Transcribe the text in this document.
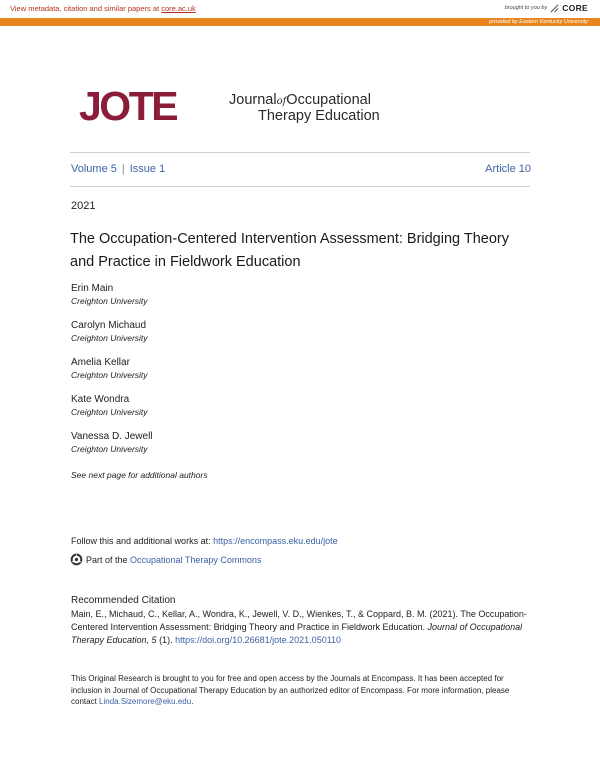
View metadata, citation and similar papers at core.ac.uk	brought to you by CORE
provided by Eastern Kentucky University
JOTE	JournalofOccupational
Therapy Education
Volume 5 | Issue 1	Article 10
2021
The Occupation-Centered Intervention Assessment: Bridging Theory and Practice in Fieldwork Education
Erin Main
Creighton University
Carolyn Michaud
Creighton University
Amelia Kellar
Creighton University
Kate Wondra
Creighton University
Vanessa D. Jewell
Creighton University
See next page for additional authors
Follow this and additional works at: https://encompass.eku.edu/jote
Part of the Occupational Therapy Commons
Recommended Citation
Main, E., Michaud, C., Kellar, A., Wondra, K., Jewell, V. D., Wienkes, T., & Coppard, B. M. (2021). The Occupation-Centered Intervention Assessment: Bridging Theory and Practice in Fieldwork Education. Journal of Occupational Therapy Education, 5 (1). https://doi.org/10.26681/jote.2021.050110
This Original Research is brought to you for free and open access by the Journals at Encompass. It has been accepted for inclusion in Journal of Occupational Therapy Education by an authorized editor of Encompass. For more information, please contact Linda.Sizemore@eku.edu.
